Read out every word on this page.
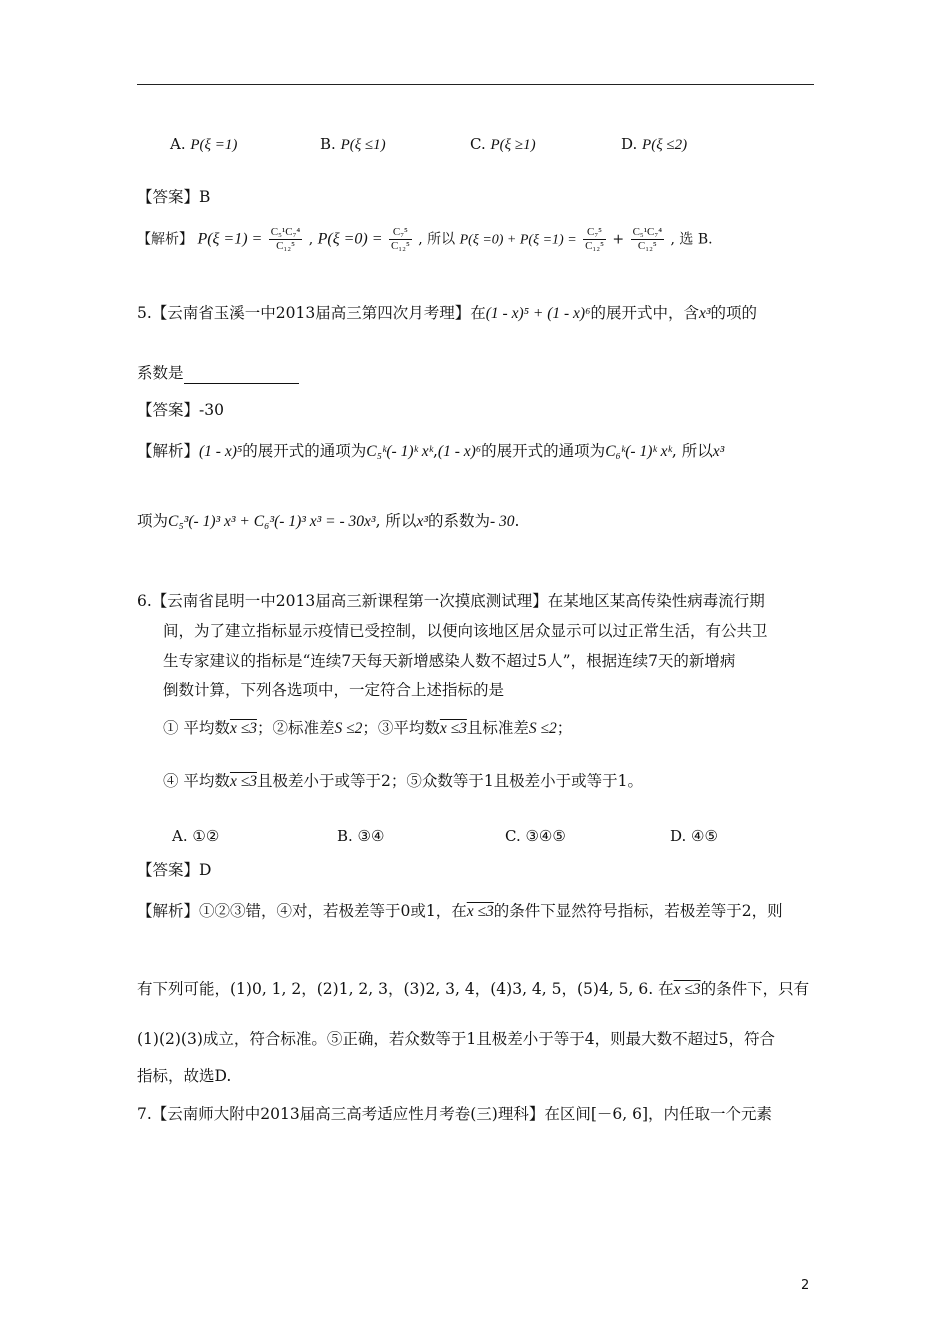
A. P(ξ =1)	B. P(ξ ≤1)	C. P(ξ ≥1)	D. P(ξ ≤2)
【答案】B
【解析】 $P(\xi =1) = \frac{\text{C₅¹C₇⁴}}{\text{C₁₂⁵}}$ , $P(\xi =0) = \frac{\text{C₇⁵}}{\text{C₁₂⁵}}$ , 所以 $P(\xi =0) + P(\xi =1) = \frac{\text{C₇⁵}}{\text{C₁₂⁵}} + \frac{\text{C₅¹C₇⁴}}{\text{C₁₂⁵}}$ , 选 B.
5.【云南省玉溪一中2013届高三第四次月考理】在(1 - x)⁵ + (1 - x)⁶的展开式中，含x³的项的
系数是
【答案】-30
【解析】(1 - x)⁵的展开式的通项为C₅ᵏ(- 1)ᵏ xᵏ,(1 - x)⁶的展开式的通项为C₆ᵏ(- 1)ᵏ xᵏ, 所以x³
项为C₅³(- 1)³ x³ + C₆³(- 1)³ x³ = - 30x³, 所以x³的系数为- 30.
6.【云南省昆明一中2013届高三新课程第一次摸底测试理】在某地区某高传染性病毒流行期
间，为了建立指标显示疫情已受控制，以便向该地区居众显示可以过正常生活，有公共卫
生专家建议的指标是“连续7天每天新增感染人数不超过5人”，根据连续7天的新增病
倒数计算，下列各选项中，一定符合上述指标的是
① 平均数x ≤3；②标准差S ≤2；③平均数x ≤3且标准差S ≤2；
④ 平均数x ≤3且极差小于或等于2；⑤众数等于1且极差小于或等于1。
A. ①②	B. ③④	C. ③④⑤	D. ④⑤
【答案】D
【解析】①②③错，④对，若极差等于0或1，在x ≤3的条件下显然符号指标，若极差等于2，则
有下列可能，(1)0, 1, 2，(2)1, 2, 3，(3)2, 3, 4，(4)3, 4, 5，(5)4, 5, 6. 在x ≤3的条件下，只有
(1)(2)(3)成立，符合标准。⑤正确，若众数等于1且极差小于等于4，则最大数不超过5，符合
指标，故选D.
7.【云南师大附中2013届高三高考适应性月考卷(三)理科】在区间[－6, 6]，内任取一个元素
2
